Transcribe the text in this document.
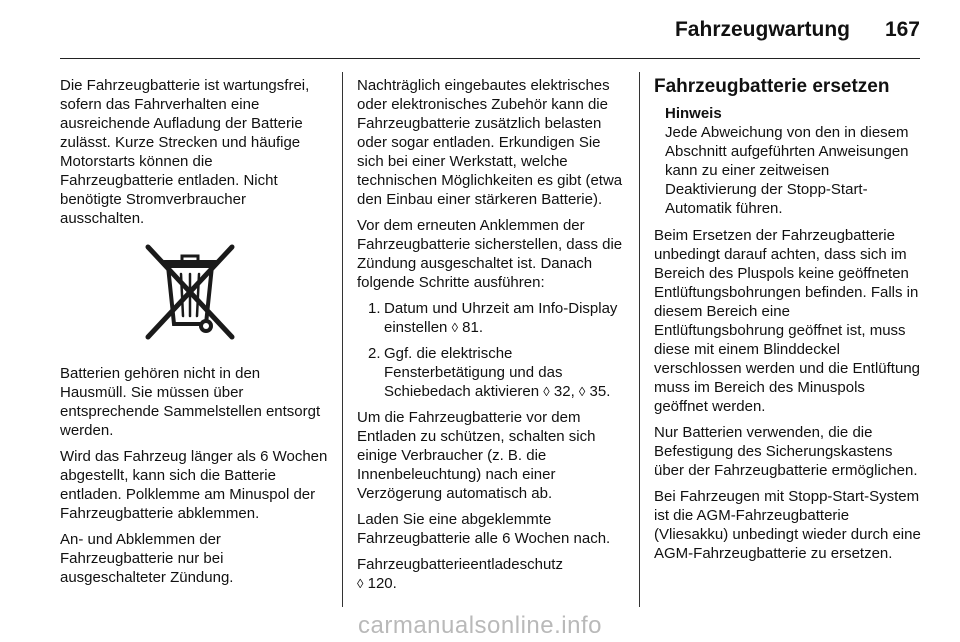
Fahrzeugwartung 167

Die Fahrzeugbatterie ist wartungsfrei, sofern das Fahrverhalten eine ausreichende Aufladung der Batterie zulässt. Kurze Strecken und häufige Motorstarts können die Fahrzeugbatterie entladen. Nicht benötigte Stromverbraucher ausschalten.

Batterien gehören nicht in den Hausmüll. Sie müssen über entsprechende Sammelstellen entsorgt werden.

Wird das Fahrzeug länger als 6 Wochen abgestellt, kann sich die Batterie entladen. Polklemme am Minuspol der Fahrzeugbatterie abklemmen.

An- und Abklemmen der Fahrzeugbatterie nur bei ausgeschalteter Zündung.

Nachträglich eingebautes elektrisches oder elektronisches Zubehör kann die Fahrzeugbatterie zusätzlich belasten oder sogar entladen. Erkundigen Sie sich bei einer Werkstatt, welche technischen Möglichkeiten es gibt (etwa den Einbau einer stärkeren Batterie).

Vor dem erneuten Anklemmen der Fahrzeugbatterie sicherstellen, dass die Zündung ausgeschaltet ist. Danach folgende Schritte ausführen:

1. Datum und Uhrzeit am Info-Display einstellen ◊ 81.
2. Ggf. die elektrische Fensterbetätigung und das Schiebedach aktivieren ◊ 32, ◊ 35.

Um die Fahrzeugbatterie vor dem Entladen zu schützen, schalten sich einige Verbraucher (z. B. die Innenbeleuchtung) nach einer Verzögerung automatisch ab.

Laden Sie eine abgeklemmte Fahrzeugbatterie alle 6 Wochen nach.

Fahrzeugbatterieentladeschutz
◊ 120.

Fahrzeugbatterie ersetzen
Hinweis
Jede Abweichung von den in diesem Abschnitt aufgeführten Anweisungen kann zu einer zeitweisen Deaktivierung der Stopp-Start-Automatik führen.

Beim Ersetzen der Fahrzeugbatterie unbedingt darauf achten, dass sich im Bereich des Pluspols keine geöffneten Entlüftungsbohrungen befinden. Falls in diesem Bereich eine Entlüftungsbohrung geöffnet ist, muss diese mit einem Blinddeckel verschlossen werden und die Entlüftung muss im Bereich des Minuspols geöffnet werden.

Nur Batterien verwenden, die die Befestigung des Sicherungskastens über der Fahrzeugbatterie ermöglichen.

Bei Fahrzeugen mit Stopp-Start-System ist die AGM-Fahrzeugbatterie (Vliesakku) unbedingt wieder durch eine AGM-Fahrzeugbatterie zu ersetzen.

carmanualsonline.info
